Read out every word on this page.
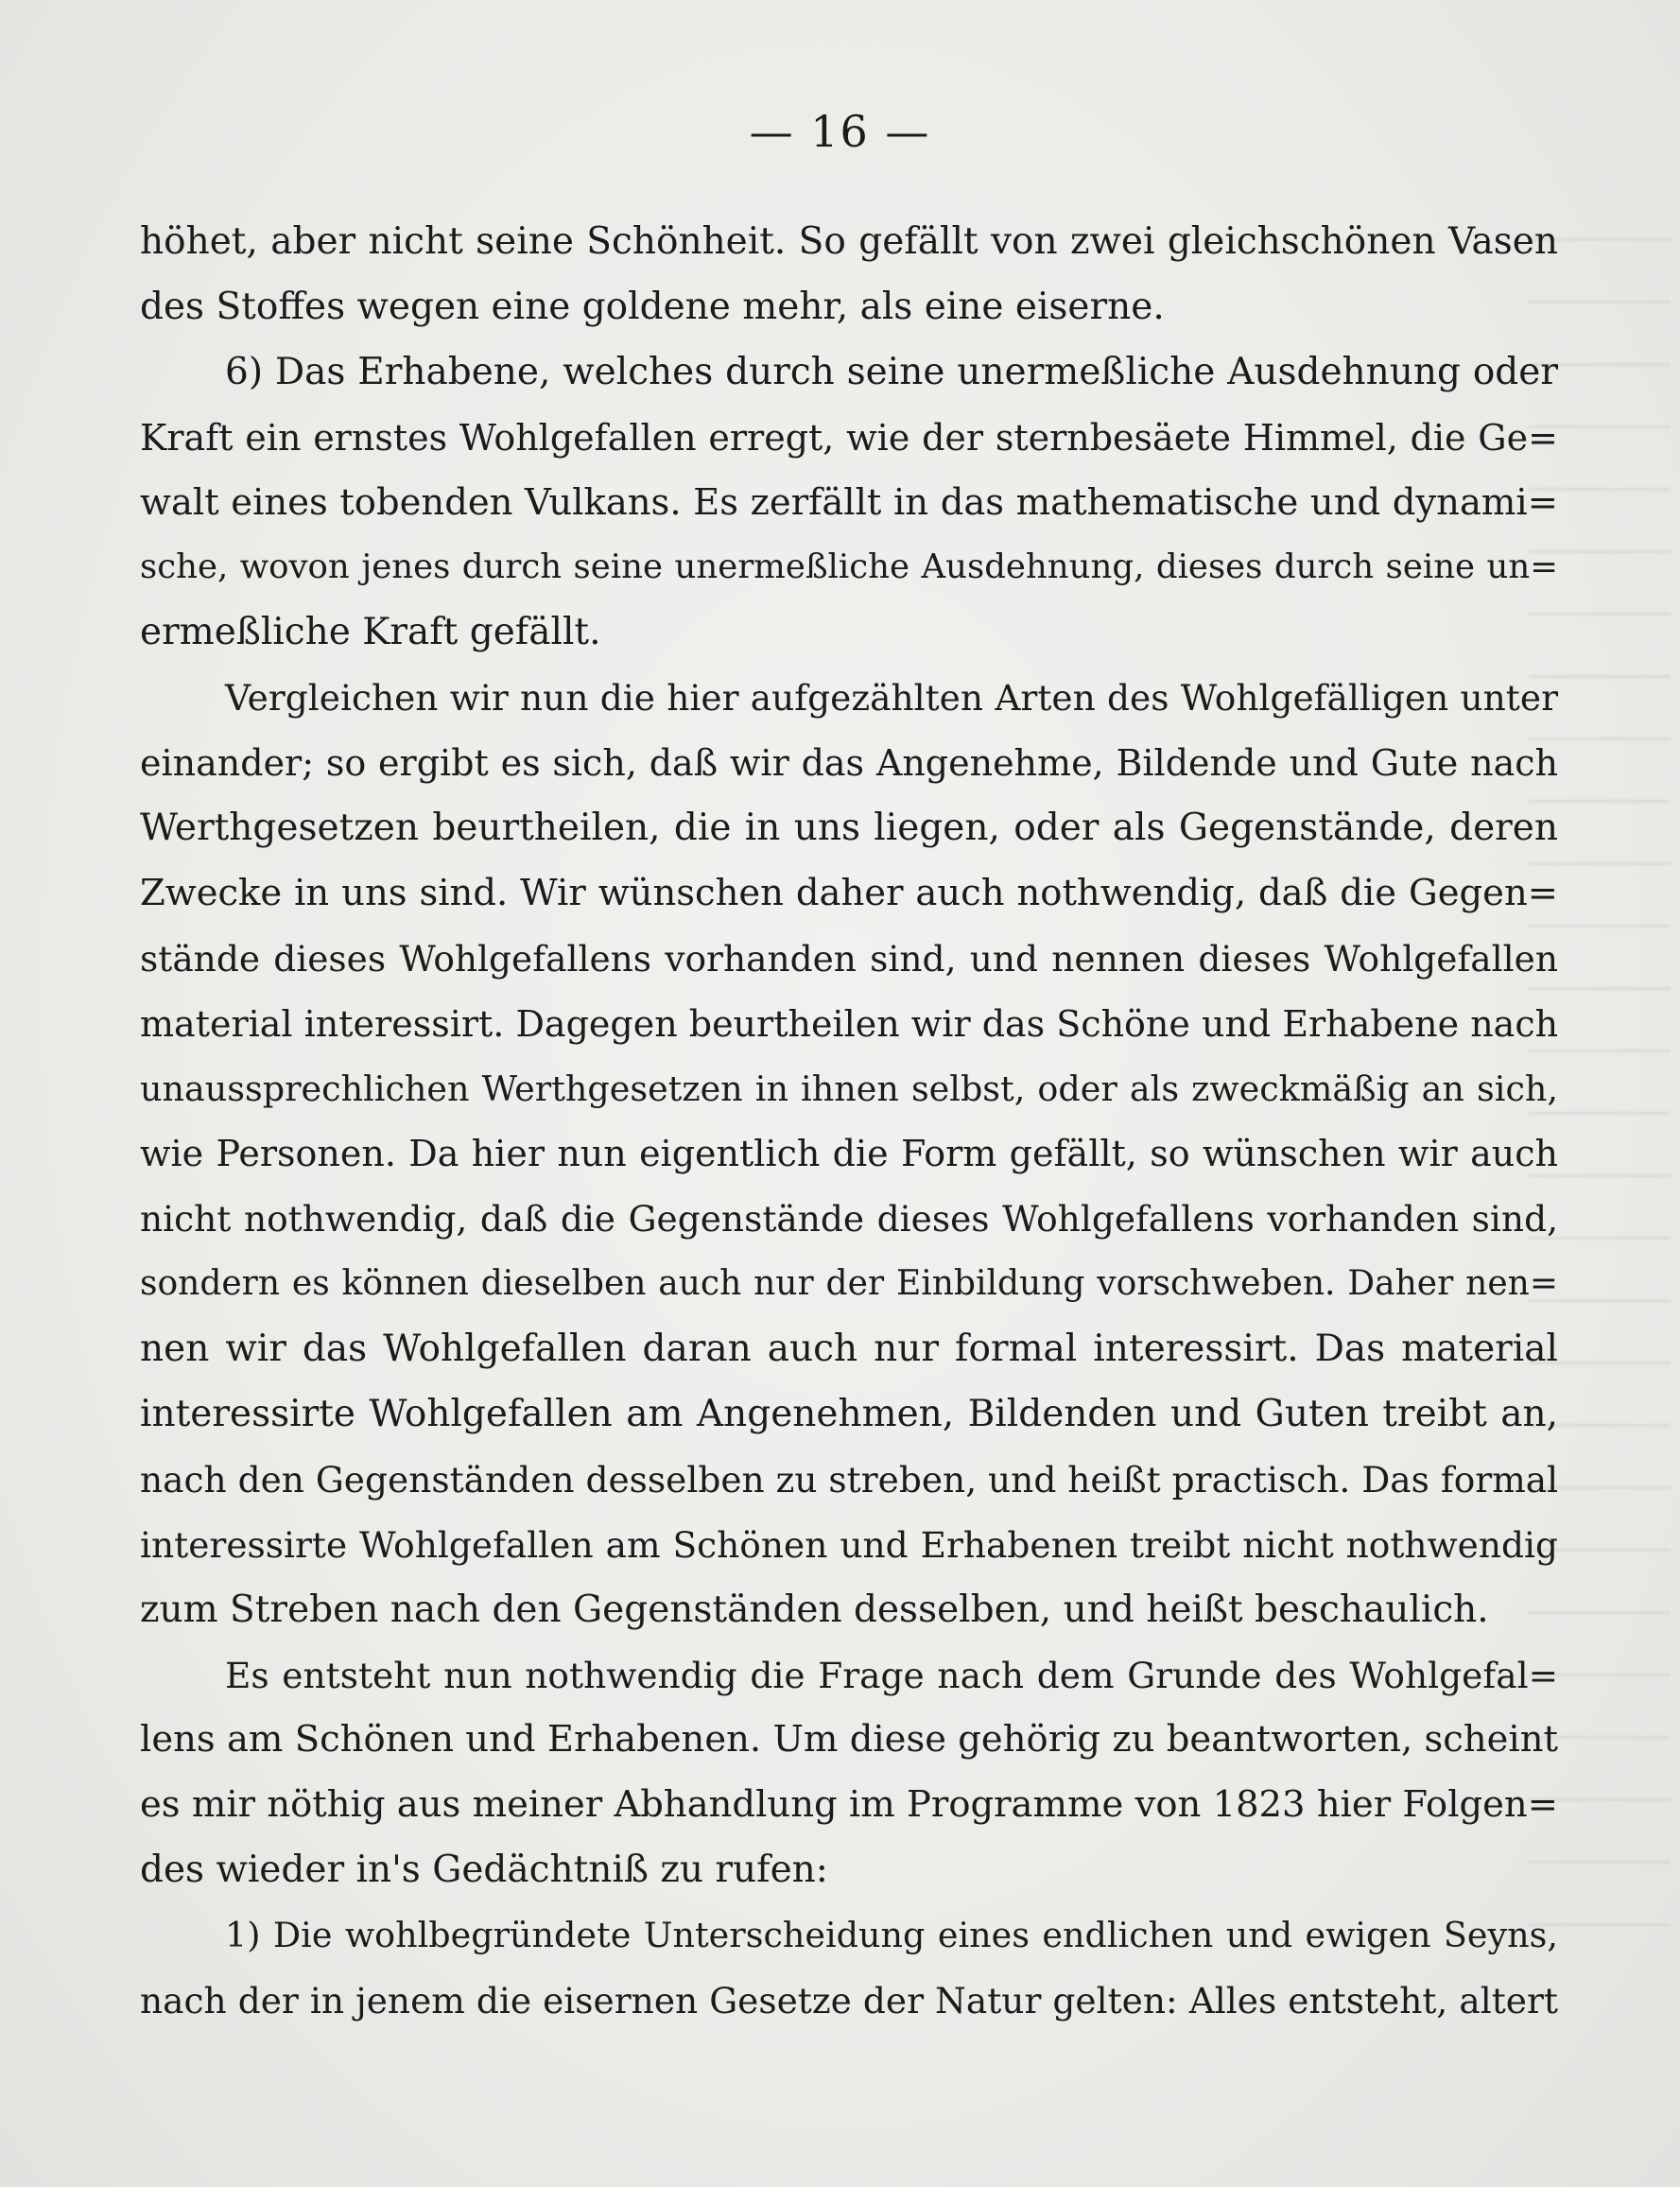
— 16 —
höhet, aber nicht seine Schönheit. So gefällt von zwei gleichschönen Vasen
des Stoffes wegen eine goldene mehr, als eine eiserne.
6) Das Erhabene, welches durch seine unermeßliche Ausdehnung oder
Kraft ein ernstes Wohlgefallen erregt, wie der sternbesäete Himmel, die Ge=
walt eines tobenden Vulkans. Es zerfällt in das mathematische und dynami=
sche, wovon jenes durch seine unermeßliche Ausdehnung, dieses durch seine un=
ermeßliche Kraft gefällt.
Vergleichen wir nun die hier aufgezählten Arten des Wohlgefälligen unter
einander; so ergibt es sich, daß wir das Angenehme, Bildende und Gute nach
Werthgesetzen beurtheilen, die in uns liegen, oder als Gegenstände, deren
Zwecke in uns sind. Wir wünschen daher auch nothwendig, daß die Gegen=
stände dieses Wohlgefallens vorhanden sind, und nennen dieses Wohlgefallen
material interessirt. Dagegen beurtheilen wir das Schöne und Erhabene nach
unaussprechlichen Werthgesetzen in ihnen selbst, oder als zweckmäßig an sich,
wie Personen. Da hier nun eigentlich die Form gefällt, so wünschen wir auch
nicht nothwendig, daß die Gegenstände dieses Wohlgefallens vorhanden sind,
sondern es können dieselben auch nur der Einbildung vorschweben. Daher nen=
nen wir das Wohlgefallen daran auch nur formal interessirt. Das material
interessirte Wohlgefallen am Angenehmen, Bildenden und Guten treibt an,
nach den Gegenständen desselben zu streben, und heißt practisch. Das formal
interessirte Wohlgefallen am Schönen und Erhabenen treibt nicht nothwendig
zum Streben nach den Gegenständen desselben, und heißt beschaulich.
Es entsteht nun nothwendig die Frage nach dem Grunde des Wohlgefal=
lens am Schönen und Erhabenen. Um diese gehörig zu beantworten, scheint
es mir nöthig aus meiner Abhandlung im Programme von 1823 hier Folgen=
des wieder in's Gedächtniß zu rufen:
1) Die wohlbegründete Unterscheidung eines endlichen und ewigen Seyns,
nach der in jenem die eisernen Gesetze der Natur gelten: Alles entsteht, altert
